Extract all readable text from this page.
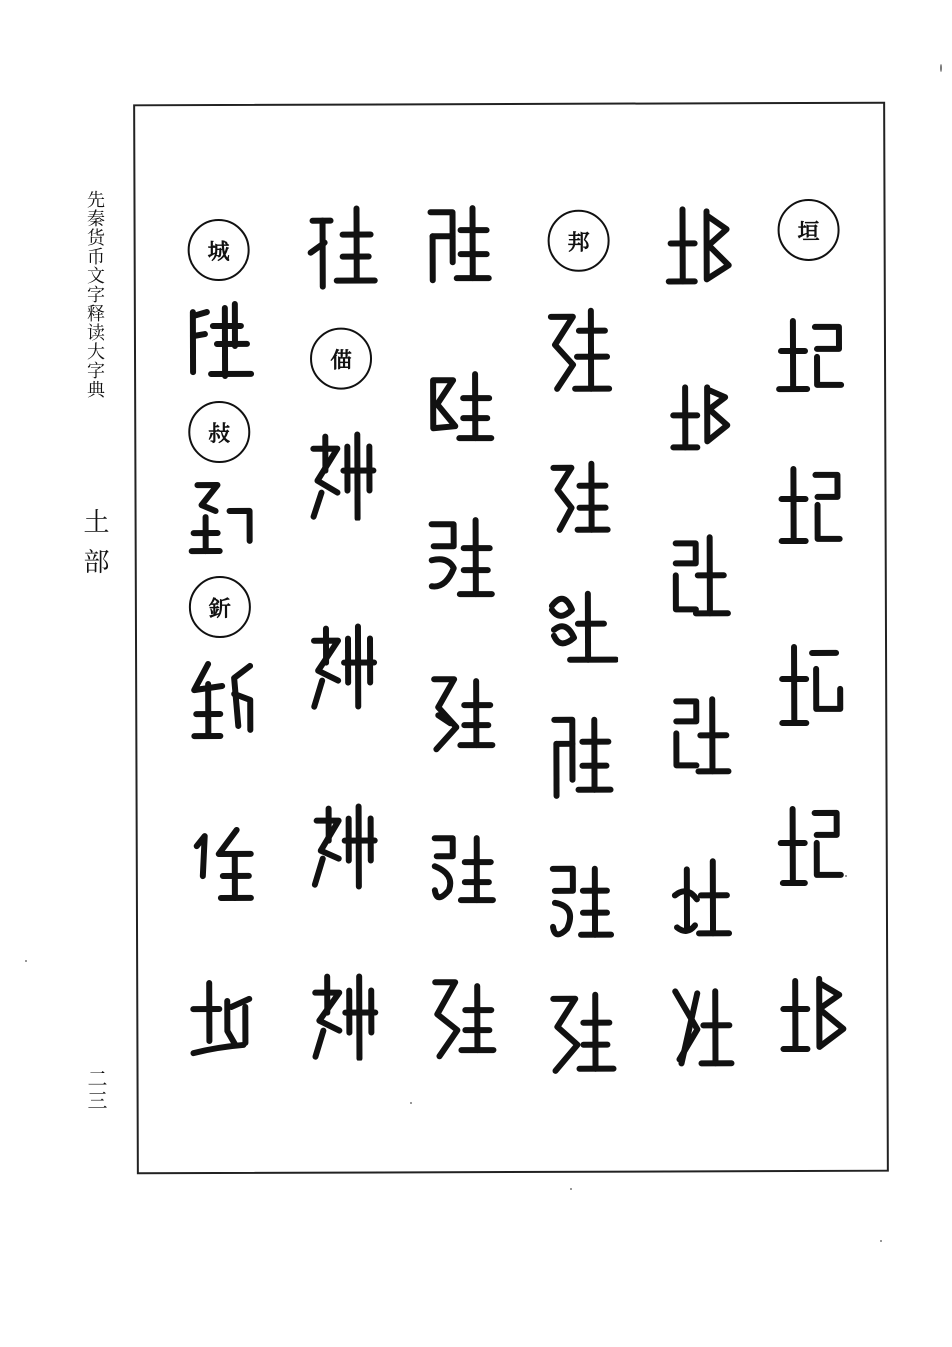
先秦货币文字释读大字典
土部
二三
垣
邦
㑤
城
敊
釿
